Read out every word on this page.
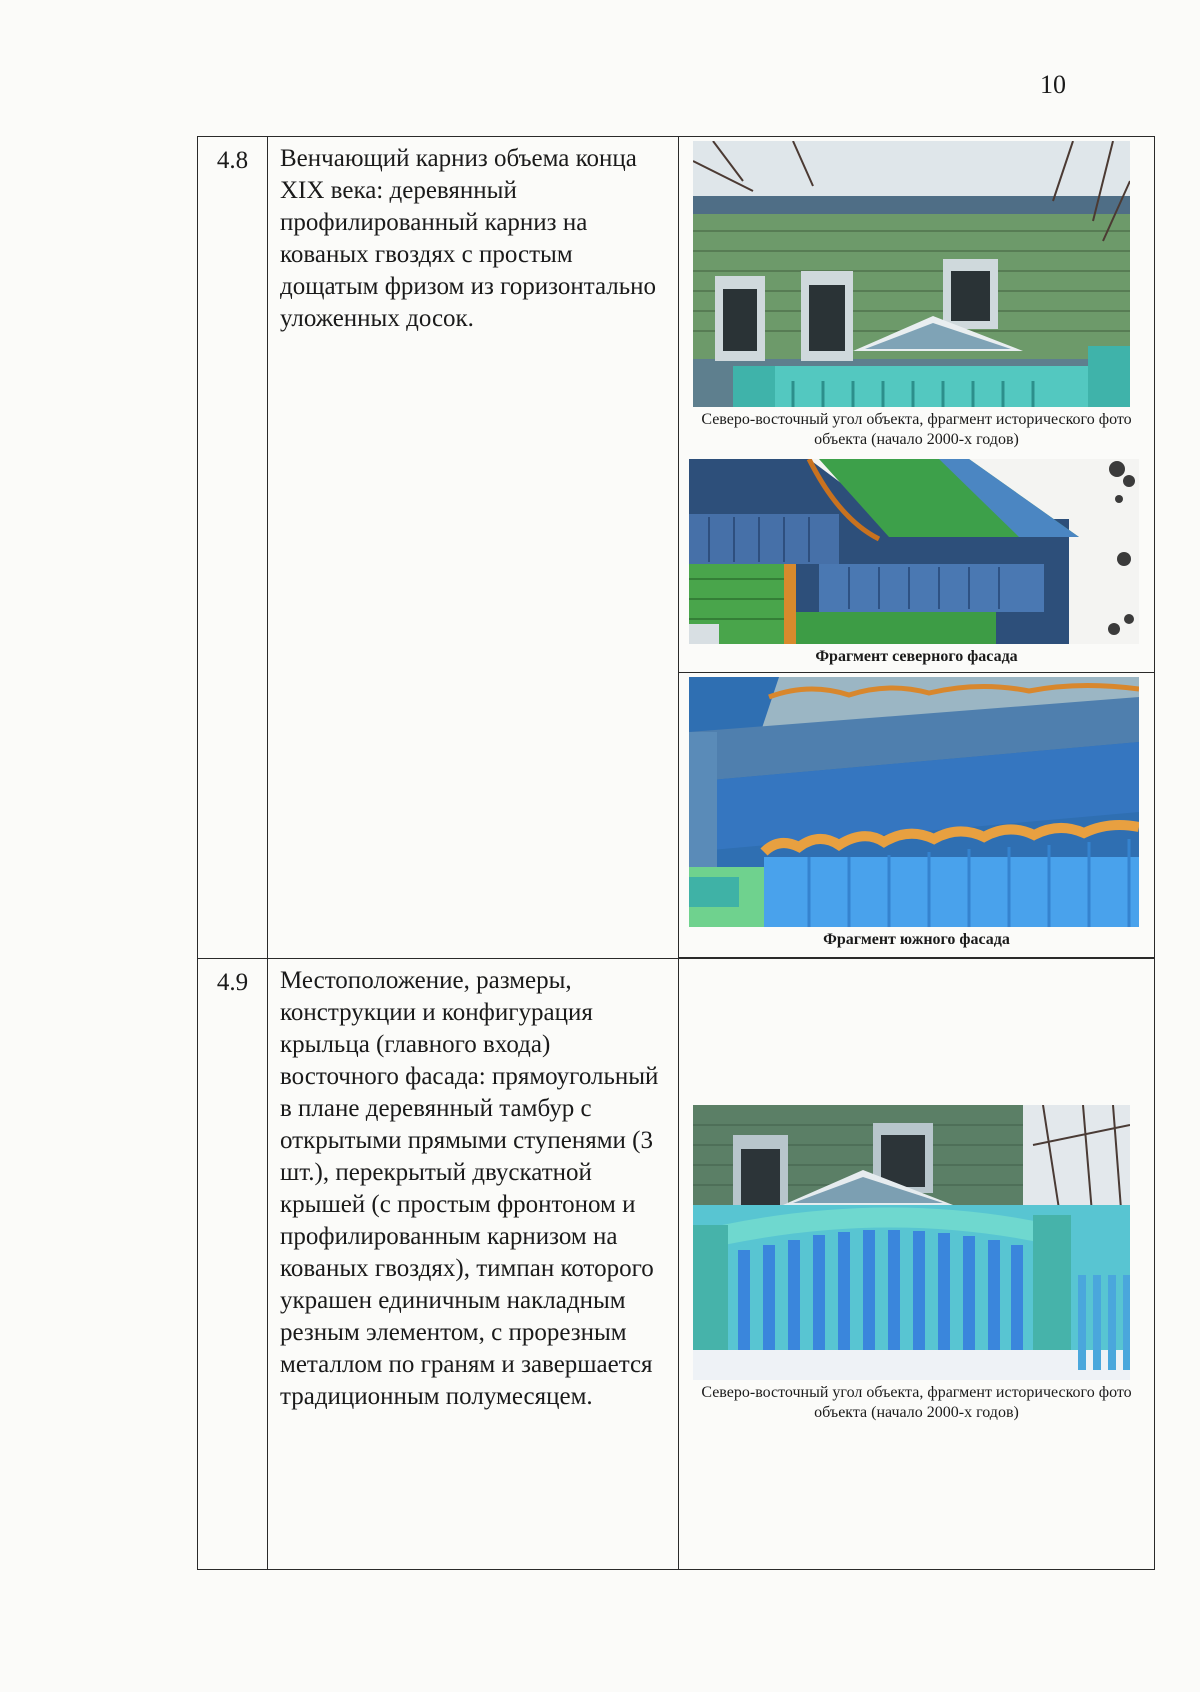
10
4.8	Венчающий карниз объема конца XIX века: деревянный профилированный карниз на кованых гвоздях с простым дощатым фризом из горизонтально уложенных досок.	Северо-восточный угол объекта, фрагмент исторического фото объекта (начало 2000-х годов)
Фрагмент северного фасада

		Фрагмент южного фасада

4.9	Местоположение, размеры, конструкции и конфигурация крыльца (главного входа) восточного фасада: прямоугольный в плане деревянный тамбур с открытыми прямыми ступенями (3 шт.), перекрытый двускатной крышей (с простым фронтоном и профилированным карнизом на кованых гвоздях), тимпан которого украшен единичным накладным резным элементом, с прорезным металлом по граням и завершается традиционным полумесяцем.	Северо-восточный угол объекта, фрагмент исторического фото объекта (начало 2000-х годов)
